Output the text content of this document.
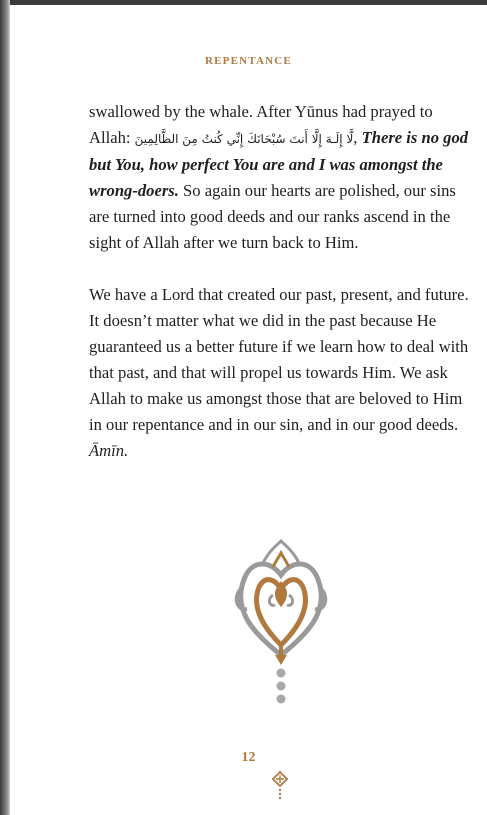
REPENTANCE

swallowed by the whale. After Yūnus had prayed to Allah: لَّا إِلَـهَ إِلَّا أَنتَ سُبْحَانَكَ إِنِّي كُنتُ مِنَ الظَّالِمِينَ, There is no god but You, how perfect You are and I was amongst the wrong-doers. So again our hearts are polished, our sins are turned into good deeds and our ranks ascend in the sight of Allah after we turn back to Him.

We have a Lord that created our past, present, and future. It doesn’t matter what we did in the past because He guaranteed us a better future if we learn how to deal with that past, and that will propel us towards Him. We ask Allah to make us amongst those that are beloved to Him in our repentance and in our sin, and in our good deeds. Āmīn.

12
